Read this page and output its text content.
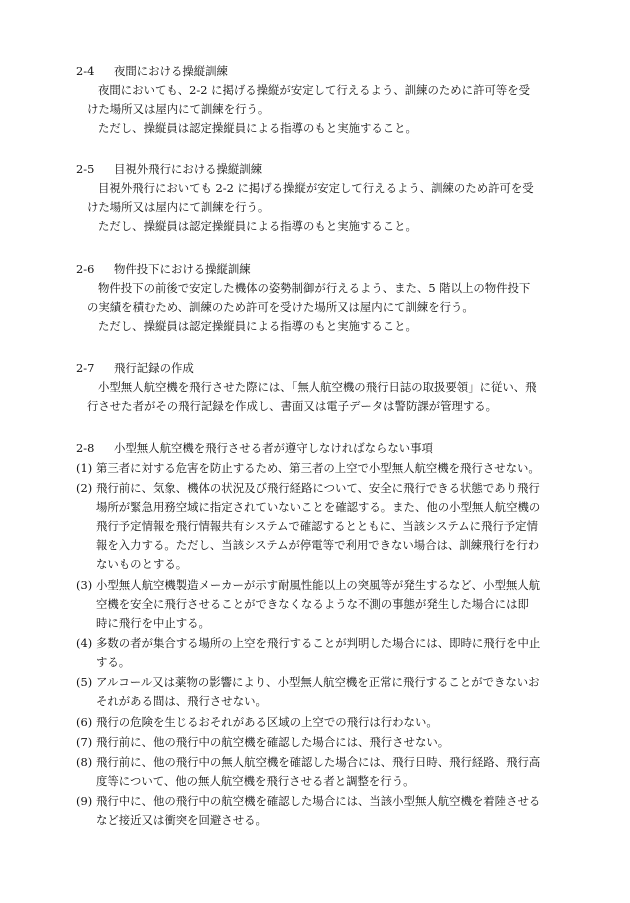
2-4 夜間における操縦訓練
夜間においても、2-2 に掲げる操縦が安定して行えるよう、訓練のために許可等を受
けた場所又は屋内にて訓練を行う。
ただし、操縦員は認定操縦員による指導のもと実施すること。
2-5 目視外飛行における操縦訓練
目視外飛行においても 2-2 に掲げる操縦が安定して行えるよう、訓練のため許可を受
けた場所又は屋内にて訓練を行う。
ただし、操縦員は認定操縦員による指導のもと実施すること。
2-6 物件投下における操縦訓練
物件投下の前後で安定した機体の姿勢制御が行えるよう、また、5 階以上の物件投下
の実績を積むため、訓練のため許可を受けた場所又は屋内にて訓練を行う。
ただし、操縦員は認定操縦員による指導のもと実施すること。
2-7 飛行記録の作成
小型無人航空機を飛行させた際には、「無人航空機の飛行日誌の取扱要領」に従い、飛
行させた者がその飛行記録を作成し、書面又は電子データは警防課が管理する。
2-8 小型無人航空機を飛行させる者が遵守しなければならない事項
(1) 第三者に対する危害を防止するため、第三者の上空で小型無人航空機を飛行させない。
(2) 飛行前に、気象、機体の状況及び飛行経路について、安全に飛行できる状態であり飛行
場所が緊急用務空域に指定されていないことを確認する。また、他の小型無人航空機の
飛行予定情報を飛行情報共有システムで確認するとともに、当該システムに飛行予定情
報を入力する。ただし、当該システムが停電等で利用できない場合は、訓練飛行を行わ
ないものとする。
(3) 小型無人航空機製造メーカーが示す耐風性能以上の突風等が発生するなど、小型無人航
空機を安全に飛行させることができなくなるような不測の事態が発生した場合には即
時に飛行を中止する。
(4) 多数の者が集合する場所の上空を飛行することが判明した場合には、即時に飛行を中止
する。
(5) アルコール又は薬物の影響により、小型無人航空機を正常に飛行することができないお
それがある間は、飛行させない。
(6) 飛行の危険を生じるおそれがある区域の上空での飛行は行わない。
(7) 飛行前に、他の飛行中の航空機を確認した場合には、飛行させない。
(8) 飛行前に、他の飛行中の無人航空機を確認した場合には、飛行日時、飛行経路、飛行高
度等について、他の無人航空機を飛行させる者と調整を行う。
(9) 飛行中に、他の飛行中の航空機を確認した場合には、当該小型無人航空機を着陸させる
など接近又は衝突を回避させる。
